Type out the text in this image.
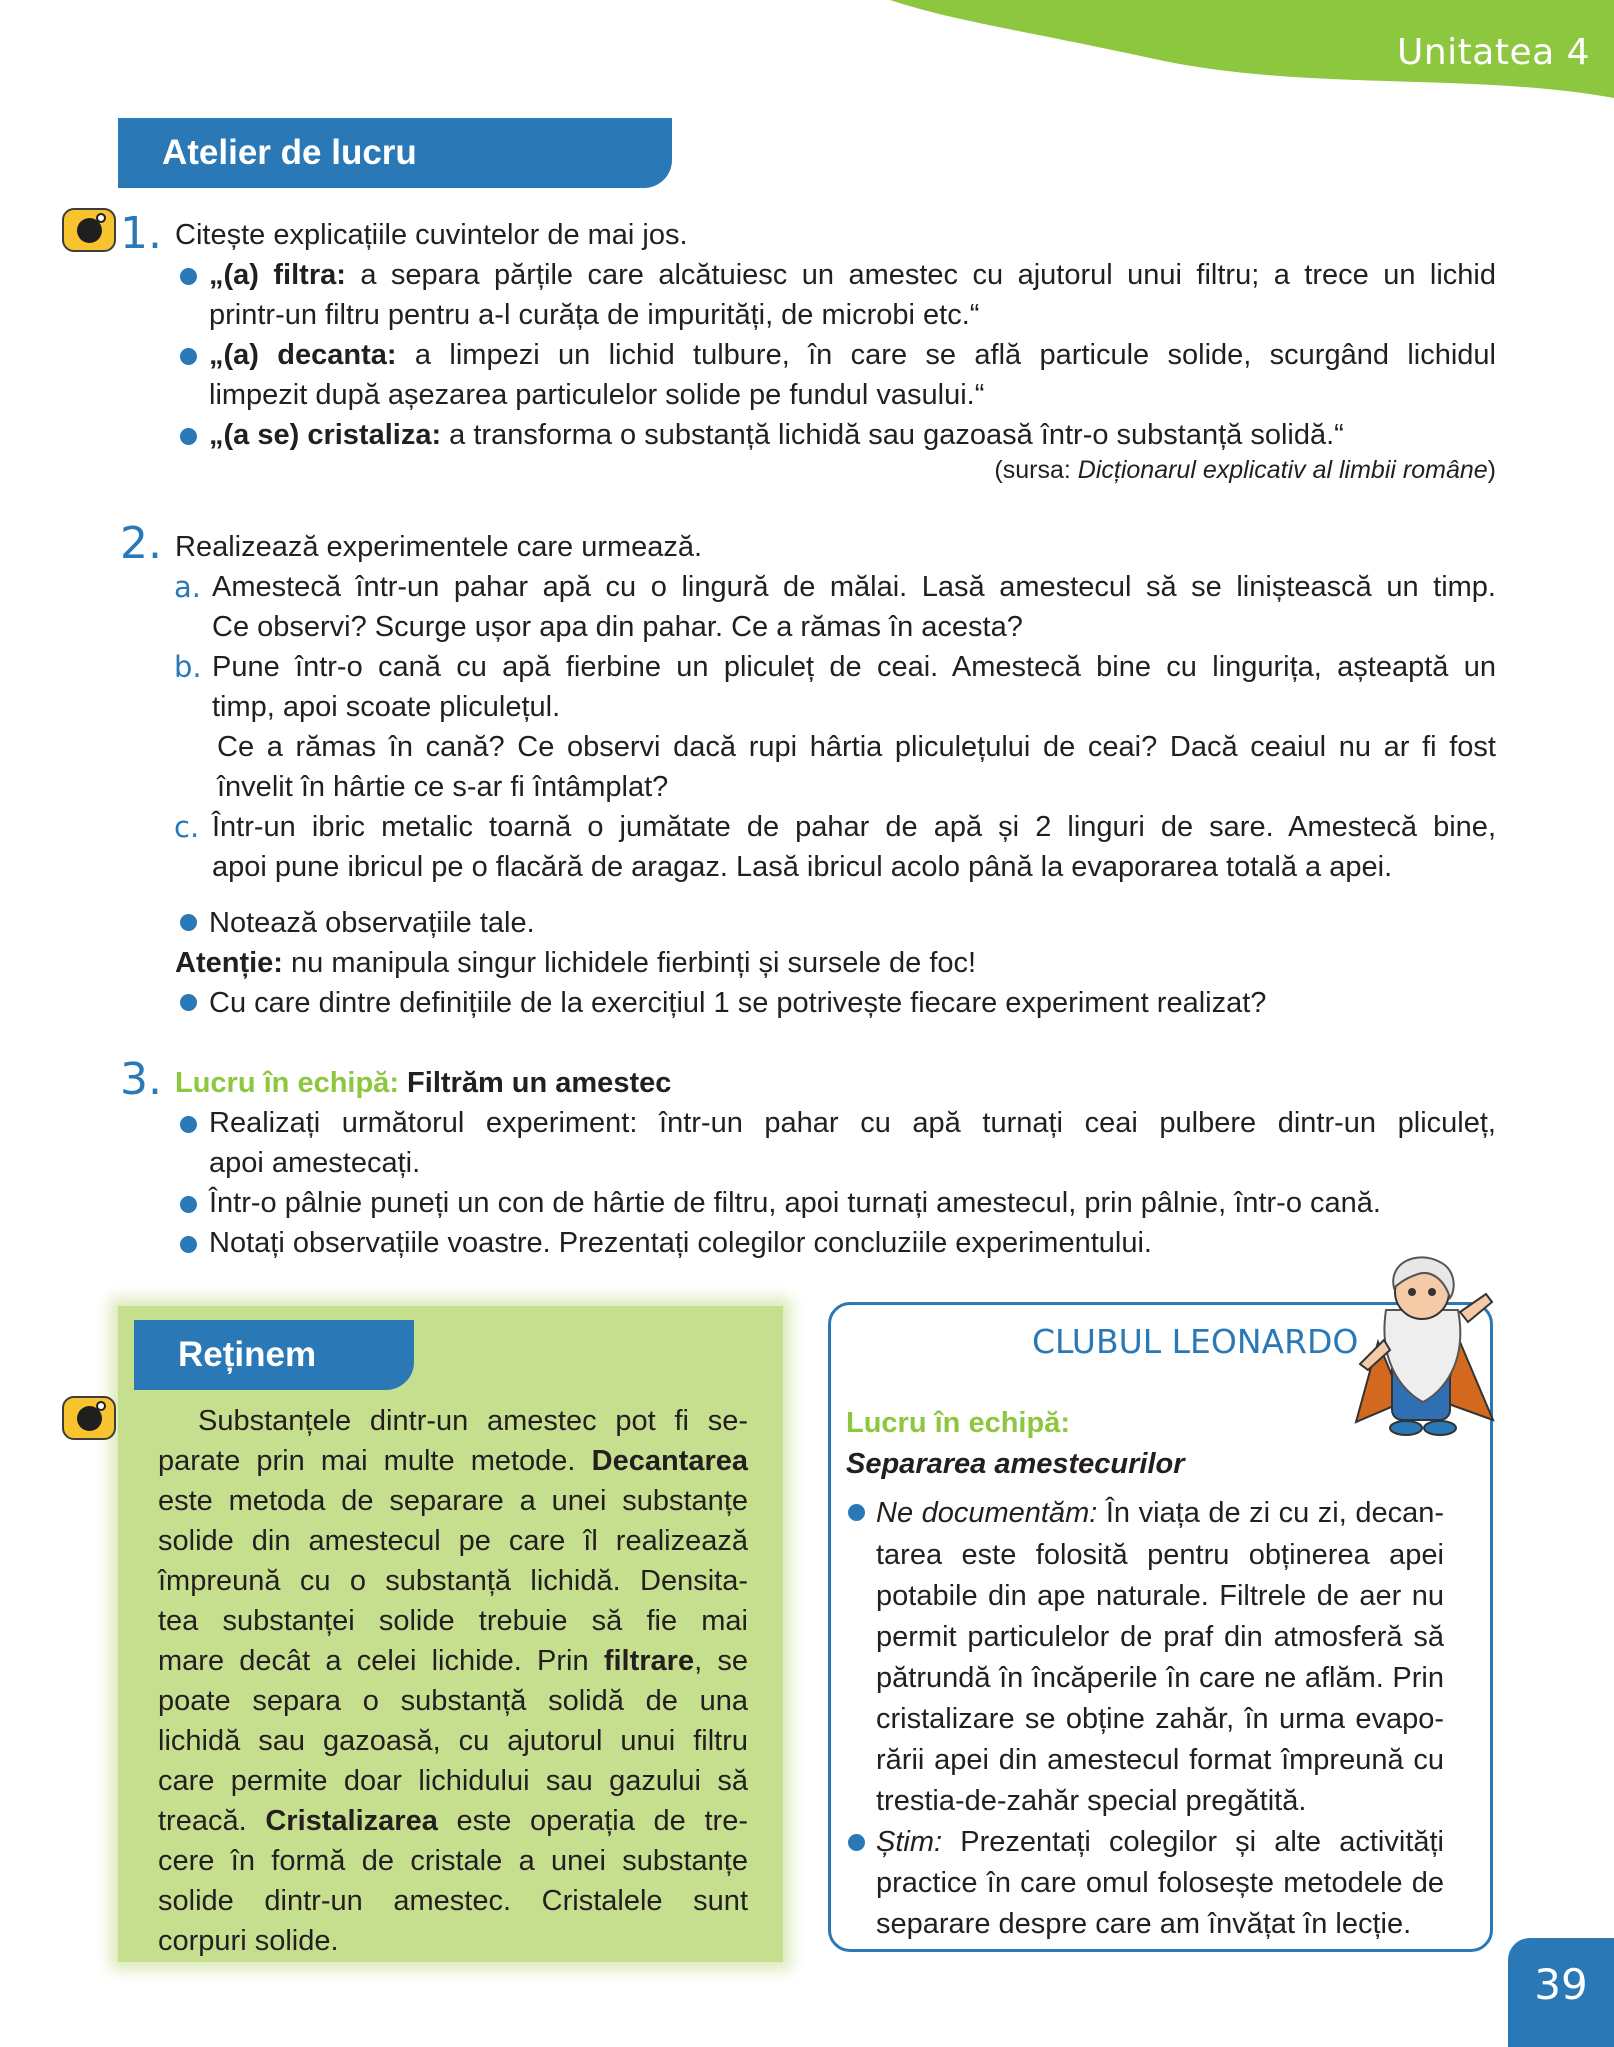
Unitatea 4
Atelier de lucru
1. Citește explicațiile cuvintelor de mai jos.
„(a) filtra: a separa părțile care alcătuiesc un amestec cu ajutorul unui filtru; a trece un lichid
printr-un filtru pentru a-l curăța de impurități, de microbi etc.“
„(a) decanta: a limpezi un lichid tulbure, în care se află particule solide, scurgând lichidul
limpezit după așezarea particulelor solide pe fundul vasului.“
„(a se) cristaliza: a transforma o substanță lichidă sau gazoasă într-o substanță solidă.“
(sursa: Dicționarul explicativ al limbii române)
2. Realizează experimentele care urmează.
a. Amestecă într-un pahar apă cu o lingură de mălai. Lasă amestecul să se liniștească un timp.
Ce observi? Scurge ușor apa din pahar. Ce a rămas în acesta?
b. Pune într-o cană cu apă fierbine un pliculeț de ceai. Amestecă bine cu lingurița, așteaptă un
timp, apoi scoate pliculețul.
Ce a rămas în cană? Ce observi dacă rupi hârtia pliculețului de ceai? Dacă ceaiul nu ar fi fost
învelit în hârtie ce s-ar fi întâmplat?
c. Într-un ibric metalic toarnă o jumătate de pahar de apă și 2 linguri de sare. Amestecă bine,
apoi pune ibricul pe o flacără de aragaz. Lasă ibricul acolo până la evaporarea totală a apei.
Notează observațiile tale.
Atenție: nu manipula singur lichidele fierbinți și sursele de foc!
Cu care dintre definițiile de la exercițiul 1 se potrivește fiecare experiment realizat?
3. Lucru în echipă: Filtrăm un amestec
Realizați următorul experiment: într-un pahar cu apă turnați ceai pulbere dintr-un pliculeț,
apoi amestecați.
Într-o pâlnie puneți un con de hârtie de filtru, apoi turnați amestecul, prin pâlnie, într-o cană.
Notați observațiile voastre. Prezentați colegilor concluziile experimentului.
Reținem
Substanțele dintr-un amestec pot fi se-
parate prin mai multe metode. Decantarea
este metoda de separare a unei substanțe
solide din amestecul pe care îl realizează
împreună cu o substanță lichidă. Densita-
tea substanței solide trebuie să fie mai
mare decât a celei lichide. Prin filtrare, se
poate separa o substanță solidă de una
lichidă sau gazoasă, cu ajutorul unui filtru
care permite doar lichidului sau gazului să
treacă. Cristalizarea este operația de tre-
cere în formă de cristale a unei substanțe
solide dintr-un amestec. Cristalele sunt
corpuri solide.
CLUBUL LEONARDO
Lucru în echipă:
Separarea amestecurilor
Ne documentăm: În viața de zi cu zi, decan-
tarea este folosită pentru obținerea apei
potabile din ape naturale. Filtrele de aer nu
permit particulelor de praf din atmosferă să
pătrundă în încăperile în care ne aflăm. Prin
cristalizare se obține zahăr, în urma evapo-
rării apei din amestecul format împreună cu
trestia-de-zahăr special pregătită.
Știm: Prezentați colegilor și alte activități
practice în care omul folosește metodele de
separare despre care am învățat în lecție.
39
